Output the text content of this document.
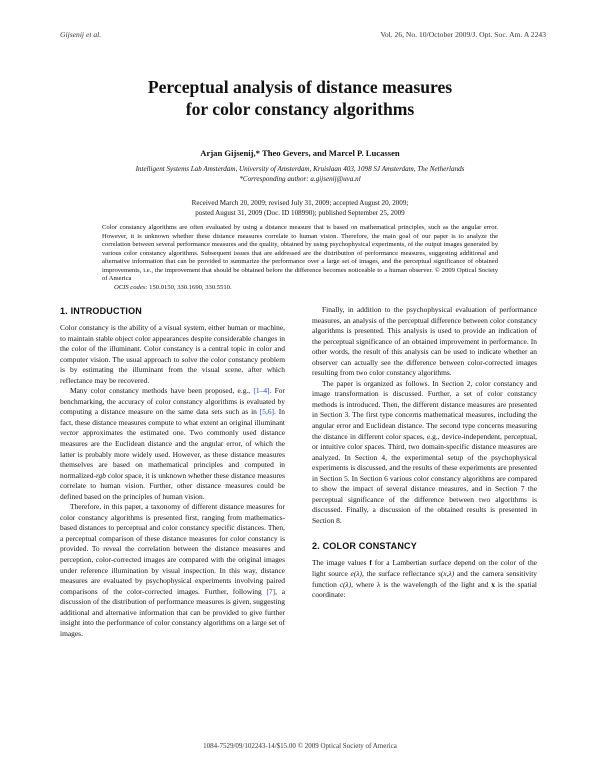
Gijsenij et al.	Vol. 26, No. 10/October 2009/J. Opt. Soc. Am. A 2243
Perceptual analysis of distance measures
for color constancy algorithms
Arjan Gijsenij,* Theo Gevers, and Marcel P. Lucassen
Intelligent Systems Lab Amsterdam, University of Amsterdam, Kruislaan 403, 1098 SJ Amsterdam, The Netherlands
*Corresponding author: a.gijsenij@uva.nl
Received March 20, 2009; revised July 31, 2009; accepted August 20, 2009;
posted August 31, 2009 (Doc. ID 108990); published September 25, 2009

Color constancy algorithms are often evaluated by using a distance measure that is based on mathematical principles, such as the angular error. However, it is unknown whether these distance measures correlate to human vision. Therefore, the main goal of our paper is to analyze the correlation between several performance measures and the quality, obtained by using psychophysical experiments, of the output images generated by various color constancy algorithms. Subsequent issues that are addressed are the distribution of performance measures, suggesting additional and alternative information that can be provided to summarize the performance over a large set of images, and the perceptual significance of obtained improvements, i.e., the improvement that should be obtained before the difference becomes noticeable to a human observer. © 2009 Optical Society of America

OCIS codes: 150.0150, 330.1690, 330.5510.

1. INTRODUCTION

Color constancy is the ability of a visual system, either human or machine, to maintain stable object color appearances despite considerable changes in the color of the illuminant. Color constancy is a central topic in color and computer vision. The usual approach to solve the color constancy problem is by estimating the illuminant from the visual scene, after which reflectance may be recovered.

Many color constancy methods have been proposed, e.g., [1–4]. For benchmarking, the accuracy of color constancy algorithms is evaluated by computing a distance measure on the same data sets such as in [5,6]. In fact, these distance measures compute to what extent an original illuminant vector approximates the estimated one. Two commonly used distance measures are the Euclidean distance and the angular error, of which the latter is probably more widely used. However, as these distance measures themselves are based on mathematical principles and computed in normalized-rgb color space, it is unknown whether these distance measures correlate to human vision. Further, other distance measures could be defined based on the principles of human vision.

Therefore, in this paper, a taxonomy of different distance measures for color constancy algorithms is presented first, ranging from mathematics-based distances to perceptual and color constancy specific distances. Then, a perceptual comparison of these distance measures for color constancy is provided. To reveal the correlation between the distance measures and perception, color-corrected images are compared with the original images under reference illumination by visual inspection. In this way, distance measures are evaluated by psychophysical experiments involving paired comparisons of the color-corrected images. Further, following [7], a discussion of the distribution of performance measures is given, suggesting additional and alternative information that can be provided to give further insight into the performance of color constancy algorithms on a large set of images.

Finally, in addition to the psychophysical evaluation of performance measures, an analysis of the perceptual difference between color constancy algorithms is presented. This analysis is used to provide an indication of the perceptual significance of an obtained improvement in performance. In other words, the result of this analysis can be used to indicate whether an observer can actually see the difference between color-corrected images resulting from two color constancy algorithms.

The paper is organized as follows. In Section 2, color constancy and image transformation is discussed. Further, a set of color constancy methods is introduced. Then, the different distance measures are presented in Section 3. The first type concerns mathematical measures, including the angular error and Euclidean distance. The second type concerns measuring the distance in different color spaces, e.g., device-independent, perceptual, or intuitive color spaces. Third, two domain-specific distance measures are analyzed. In Section 4, the experimental setup of the psychophysical experiments is discussed, and the results of these experiments are presented in Section 5. In Section 6 various color constancy algorithms are compared to show the impact of several distance measures, and in Section 7 the perceptual significance of the difference between two algorithms is discussed. Finally, a discussion of the obtained results is presented in Section 8.

2. COLOR CONSTANCY

The image values f for a Lambertian surface depend on the color of the light source e(λ), the surface reflectance s(x,λ) and the camera sensitivity function c(λ), where λ is the wavelength of the light and x is the spatial coordinate:

1084-7529/09/102243-14/$15.00 © 2009 Optical Society of America
